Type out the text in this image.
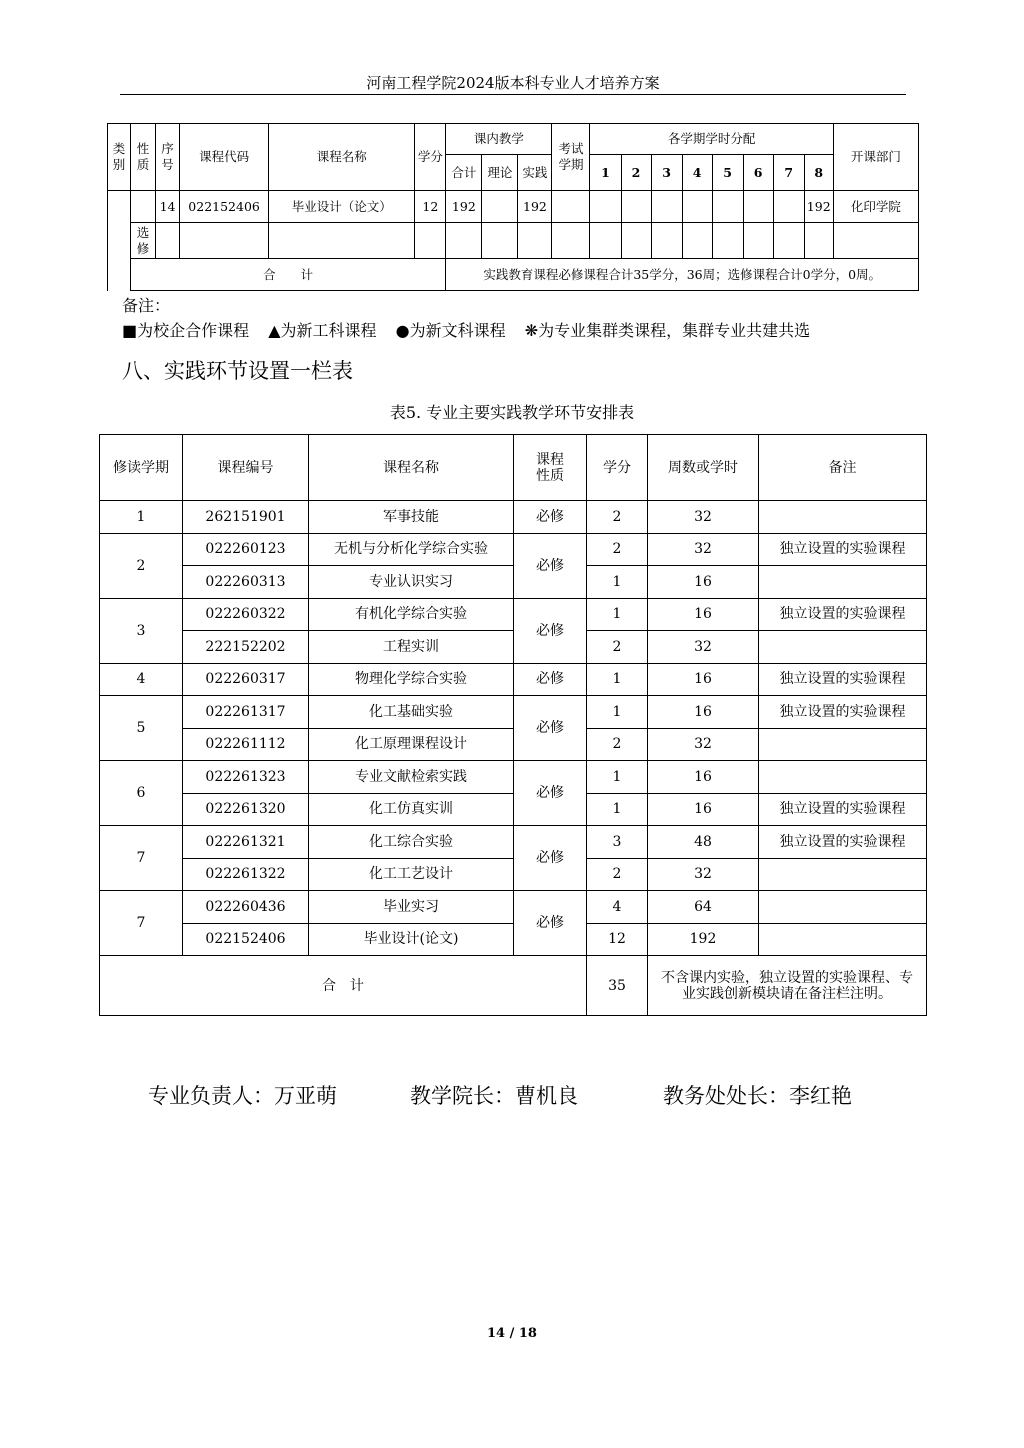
河南工程学院2024版本科专业人才培养方案
类别	性质	序号	课程代码	课程名称	学分	课内教学			考试学期	各学期学时分配								开课部门
						合计	理论	实践		1	2	3	4	5	6	7	8	
		14	022152406	毕业设计（论文）	12	192		192									192	化印学院
	选修																	
	合　　计					实践教育课程必修课程合计35学分，36周；选修课程合计0学分，0周。												
备注：
■为校企合作课程 ▲为新工科课程 ●为新文科课程 ❋为专业集群类课程，集群专业共建共选
八、实践环节设置一栏表
表5. 专业主要实践教学环节安排表
修读学期	课程编号	课程名称	课程性质	学分	周数或学时	备注
1	262151901	军事技能	必修	2	32	
2	022260123	无机与分析化学综合实验	必修	2	32	独立设置的实验课程
	022260313	专业认识实习		1	16	
3	022260322	有机化学综合实验	必修	1	16	独立设置的实验课程
	222152202	工程实训		2	32	
4	022260317	物理化学综合实验	必修	1	16	独立设置的实验课程
5	022261317	化工基础实验	必修	1	16	独立设置的实验课程
	022261112	化工原理课程设计		2	32	
6	022261323	专业文献检索实践	必修	1	16	
	022261320	化工仿真实训		1	16	独立设置的实验课程
7	022261321	化工综合实验	必修	3	48	独立设置的实验课程
	022261322	化工工艺设计		2	32	
7	022260436	毕业实习	必修	4	64	
	022152406	毕业设计(论文)		12	192	
合　计				35	不含课内实验，独立设置的实验课程、专业实践创新模块请在备注栏注明。	
专业负责人：万亚萌	教学院长：曹机良	教务处处长：李红艳
14 / 18
